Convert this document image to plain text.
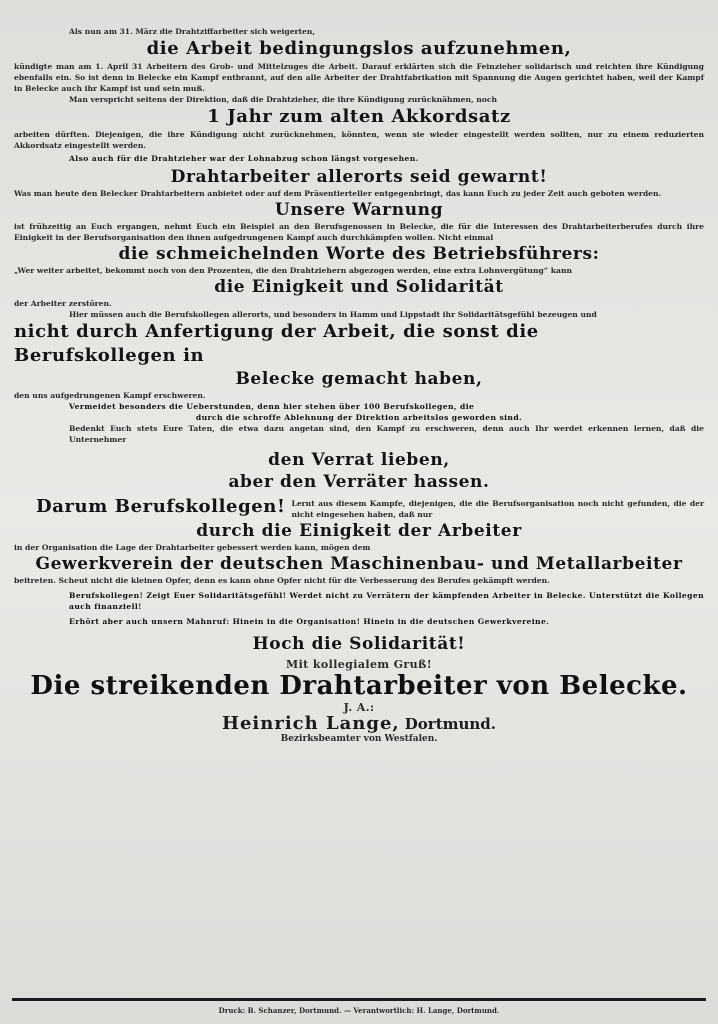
Als nun am 31. März die Drahtziffarbeiter sich weigerten,

die Arbeit bedingungslos aufzunehmen,

kündigte man am 1. April 31 Arbeitern des Grob- und Mittelzuges die Arbeit. Darauf erklärten sich die Feinzieher solidarisch und reichten ihre Kündigung ebenfalls ein. So ist denn in Belecke ein Kampf entbrannt, auf den alle Arbeiter der Drahtfabrikation mit Spannung die Augen gerichtet haben, weil der Kampf in Belecke auch ihr Kampf ist und sein muß.

Man verspricht seitens der Direktion, daß die Drahtzieher, die ihre Kündigung zurücknähmen, noch

1 Jahr zum alten Akkordsatz

arbeiten dürften. Diejenigen, die ihre Kündigung nicht zurücknehmen, könnten, wenn sie wieder eingestellt werden sollten, nur zu einem reduzierten Akkordsatz eingestellt werden.

Also auch für die Drahtzieher war der Lohnabzug schon längst vorgesehen.

Drahtarbeiter allerorts seid gewarnt!

Was man heute den Belecker Drahtarbeitern anbietet oder auf dem Präsentierteller entgegenbringt, das kann Euch zu jeder Zeit auch geboten werden.

Unsere Warnung

ist frühzeitig an Euch ergangen, nehmt Euch ein Beispiel an den Berufsgenossen in Belecke, die für die Interessen des Drahtarbeiterberufes durch ihre Einigkeit in der Berufsorganisation den ihnen aufgedrungenen Kampf auch durchkämpfen wollen. Nicht einmal

die schmeichelnden Worte des Betriebsführers:

„Wer weiter arbeitet, bekommt noch von den Prozenten, die den Drahtziehern abgezogen werden, eine extra Lohnvergütung“ kann

die Einigkeit und Solidarität

der Arbeiter zerstören.

Hier müssen auch die Berufskollegen allerorts, und besonders in Hamm und Lippstadt ihr Solidaritätsgefühl bezeugen und

nicht durch Anfertigung der Arbeit, die sonst die Berufskollegen in

Belecke gemacht haben,

den uns aufgedrungenen Kampf erschweren.

Vermeidet besonders die Ueberstunden, denn hier stehen über 100 Berufskollegen, die

durch die schroffe Ablehnung der Direktion arbeitslos geworden sind.

Bedenkt Euch stets Eure Taten, die etwa dazu angetan sind, den Kampf zu erschweren, denn auch Ihr werdet erkennen lernen, daß die Unternehmer

den Verrat lieben,

aber den Verräter hassen.

Darum Berufskollegen! Lernt aus diesem Kampfe, diejenigen, die die Berufsorganisation noch nicht gefunden, die der nicht eingesehen haben, daß nur

durch die Einigkeit der Arbeiter

in der Organisation die Lage der Drahtarbeiter gebessert werden kann, mögen dem

Gewerkverein der deutschen Maschinenbau- und Metallarbeiter

beitreten. Scheut nicht die kleinen Opfer, denn es kann ohne Opfer nicht für die Verbesserung des Berufes gekämpft werden.

Berufskollegen! Zeigt Euer Solidaritätsgefühl! Werdet nicht zu Verrätern der kämpfenden Arbeiter in Belecke. Unterstützt die Kollegen auch finanziell!

Erhört aber auch unsern Mahnruf: Hinein in die Organisation! Hinein in die deutschen Gewerkvereine.

Hoch die Solidarität!

Mit kollegialem Gruß!

Die streikenden Drahtarbeiter von Belecke.

J. A.:

Heinrich Lange, Dortmund.

Bezirksbeamter von Westfalen.

Druck: B. Schanzer, Dortmund. — Verantwortlich: H. Lange, Dortmund.
